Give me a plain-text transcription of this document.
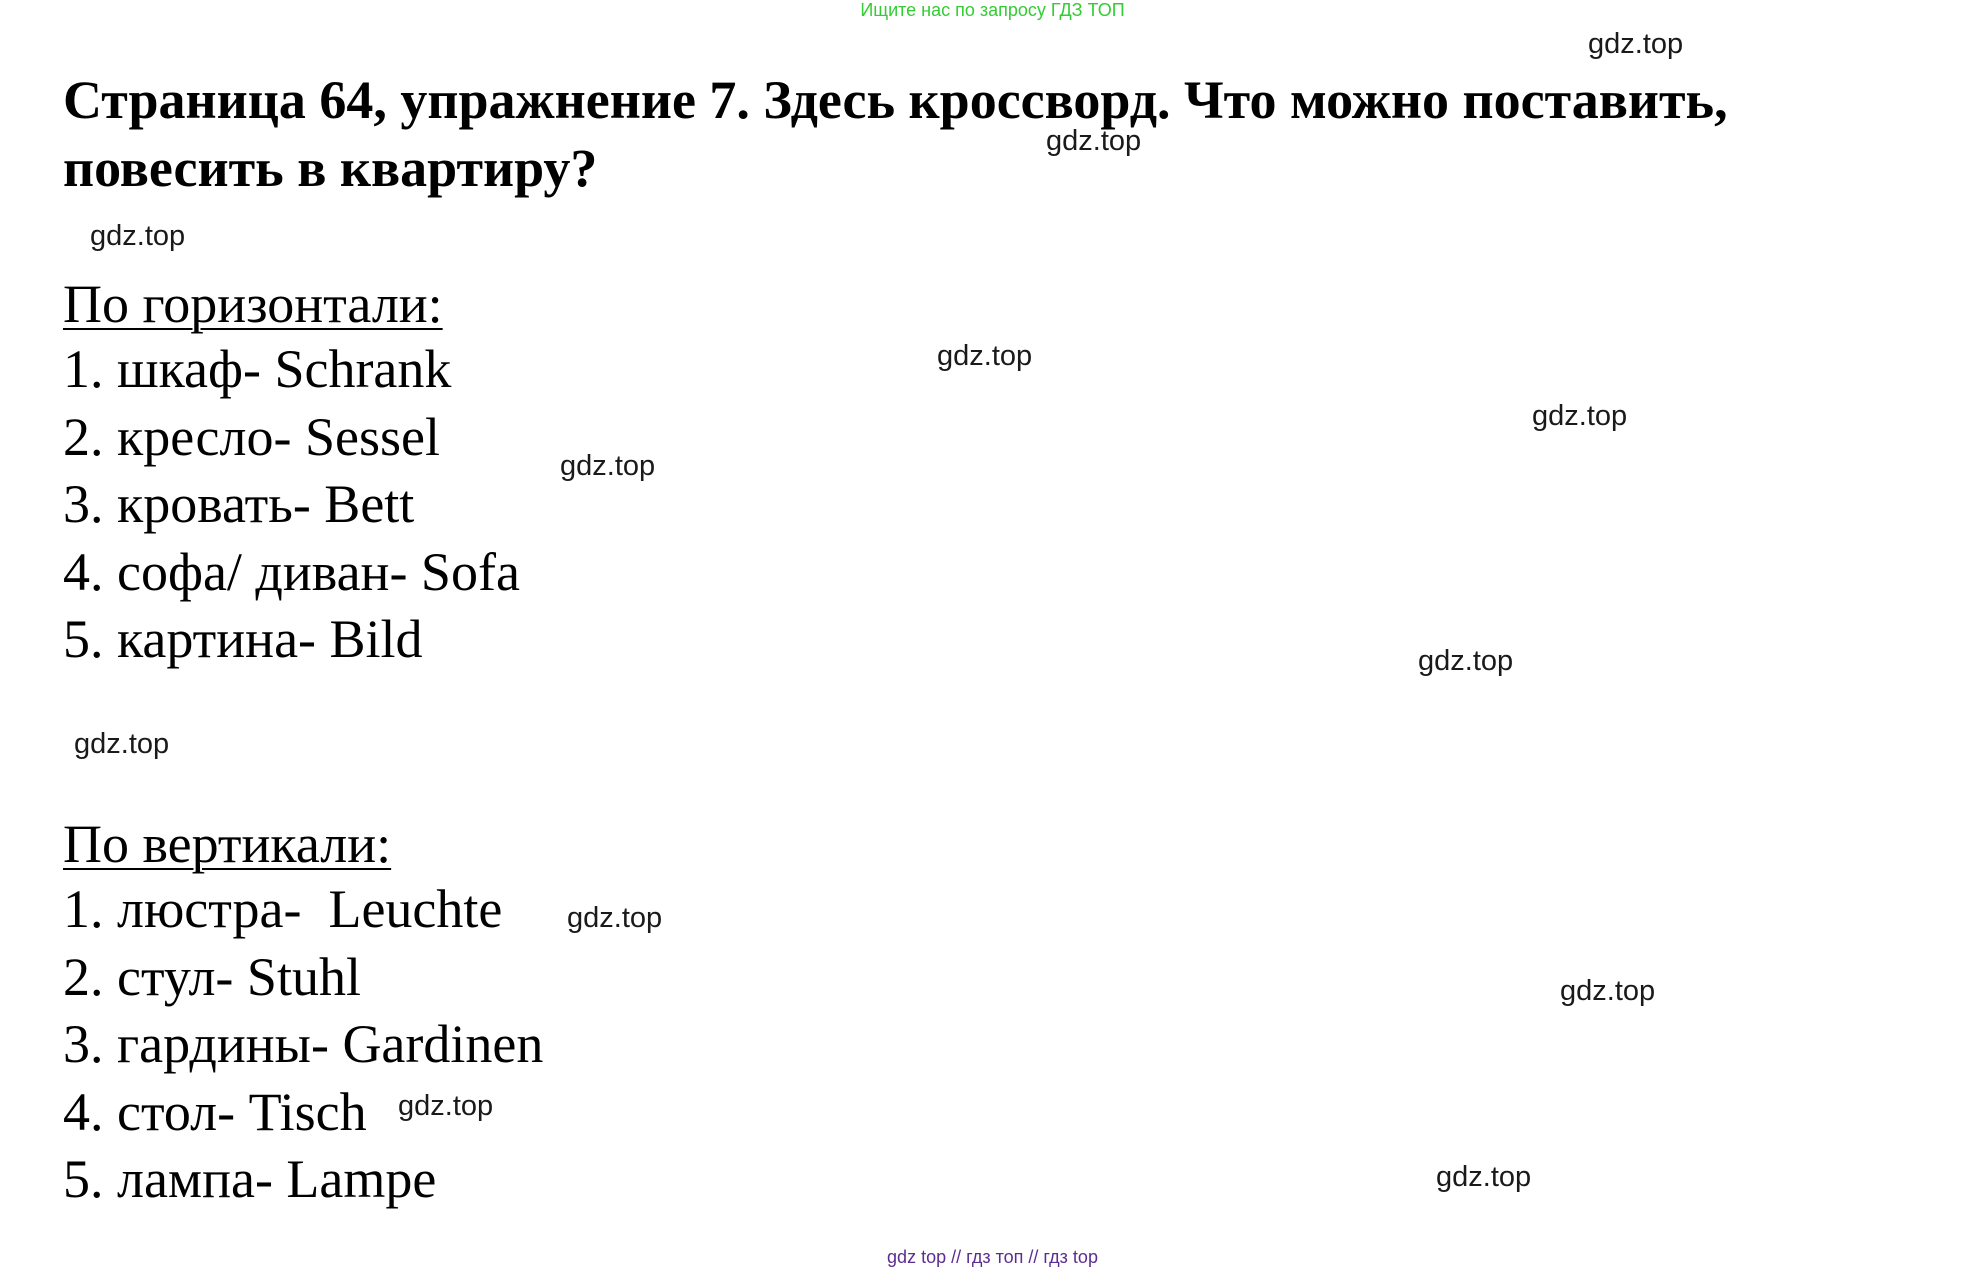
Ищите нас по запросу ГДЗ ТОП
Страница 64, упражнение 7. Здесь кроссворд. Что можно поставить, повесить в квартиру?
По горизонтали:
1. шкаф- Schrank
2. кресло- Sessel
3. кровать- Bett
4. софа/ диван- Sofa
5. картина- Bild
По вертикали:
1. люстра-  Leuchte
2. стул- Stuhl
3. гардины- Gardinen
4. стол- Tisch
5. лампа- Lampe
gdz.top
gdz.top
gdz.top
gdz.top
gdz.top
gdz.top
gdz.top
gdz.top
gdz.top
gdz.top
gdz.top
gdz.top
gdz top // гдз топ // гдз top
